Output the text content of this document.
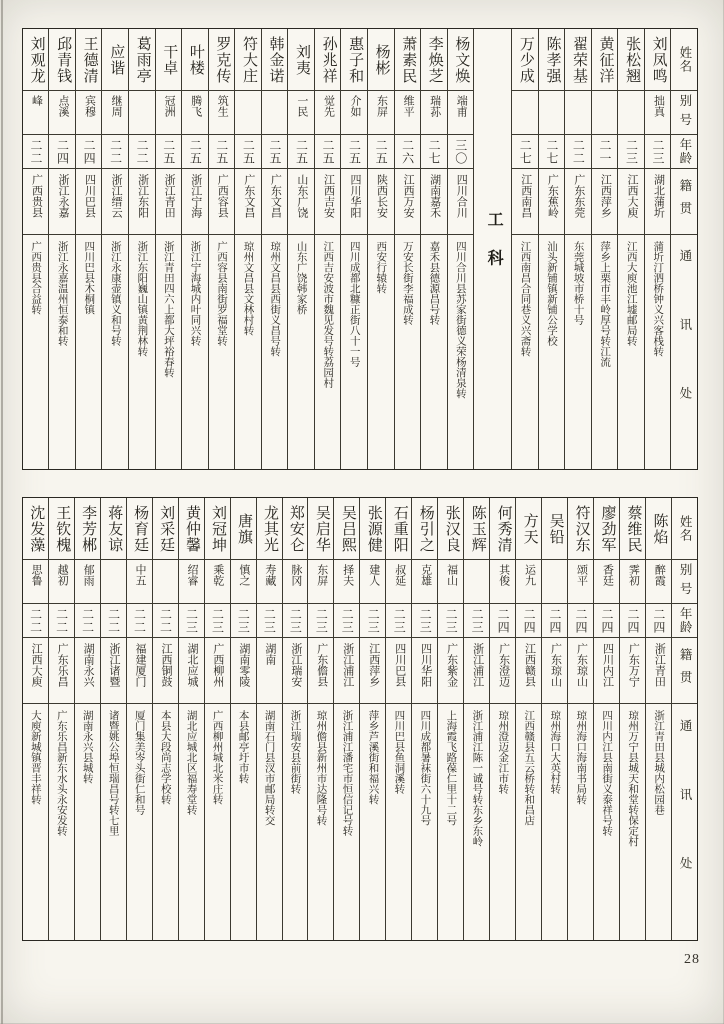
姓名
别号
年龄
籍贯
通讯处
刘凤鸣
拙真
二三
湖北蒲圻
蒲圻汀泗桥钟义兴客栈转
张松翘
二三
江西大庾
江西大庾池江墟邮局转
黄征洋
二一
江西萍乡
萍乡上栗市丰岭厚号转江流
翟荣基
二二
广东东莞
东莞城坡市桥十号
陈孝强
二七
广东蕉岭
汕头新铺镇新铺公学校
万少成
二七
江西南昌
江西南昌合同巷义兴斋转
工科
杨文焕
端甫
三〇
四川合川
四川合川县苏家街德义荣杨清泉转
李焕芝
瑞荪
二七
湖南嘉禾
嘉禾县德源昌号转
萧素民
维平
二六
江西万安
万安长街李福成转
杨彬
东屏
二五
陕西长安
西安行辕转
惠子和
介如
二五
四川华阳
四川成都北糠正街八十一号
孙兆祥
觉先
二五
江西吉安
江西吉安波市魏见发号转荔园村
刘夷
一民
二五
山东广饶
山东广饶韩家桥
韩金诺
二五
广东文昌
琼州文昌县西街义昌号转
符大庄
二五
广东文昌
琼州文昌县文林村转
罗克传
筑生
二五
广西容县
广西容县南街罗福堂转
叶楼
腾飞
二五
浙江宁海
浙江宁海城内叶同兴转
干卓
冠洲
二五
浙江青田
浙江青田四六上都大坪裕春转
葛雨亭
二二
浙江东阳
浙江东阳巍山镇黄荆林转
应谐
继周
二二
浙江缙云
浙江永康壶镇义和号转
王德清
宾穆
二四
四川巴县
四川巴县木桐镇
邱青钱
点溪
二四
浙江永嘉
浙江永嘉温州恒泰和转
刘观龙
峰
二二
广西贵县
广西贵县合益转
姓名
别号
年龄
籍贯
通讯处
陈焰
醉霞
二四
浙江青田
浙江青田县城内松园巷
蔡维民
霁初
二四
广东万宁
琼州万宁县城天和堂转保定村
廖劲军
香廷
二四
四川内江
四川内江县南街义泰祥号转
符汉东
颂平
二四
广东琼山
琼州海口海南书局转
吴铅
二四
广东琼山
琼州海口大英村转
方天
运九
二四
江西赣县
江西赣县五云桥转和昌店
何秀清
其俊
二四
广东澄迈
琼州澄迈金江市转
陈玉辉
二三
浙江浦江
浙江浦江陈一诚号转东乡东岭
张汉良
福山
二三
广东紫金
上海霞飞路葆仁里十二号
杨引之
克雄
二三
四川华阳
四川成都暑袜街六十九号
石重阳
叔延
二三
四川巴县
四川巴县鱼洞溪转
张源健
建人
二三
江西萍乡
萍乡芦溪街和福兴转
吴吕熙
择夫
二三
浙江浦江
浙江浦江潘宅市恒信记号转
吴启华
东屏
二三
广东儋县
琼州儋县新州市达隆号转
郑安仑
脉冈
二三
浙江瑞安
浙江瑞安县前街转
龙其光
寿藏
二三
湖南
湖南石门县汊市邮局转交
唐旗
慎之
二三
湖南零陵
本县邮亭圩市转
刘冠坤
乘乾
二三
广西柳州
广西柳州城北米庄转
黄仲馨
绍睿
二三
湖北应城
湖北应城北区福寿堂转
刘采廷
二二
江西铜鼓
本县大段尚志学校转
杨育廷
中五
二二
福建厦门
厦门集美岑头街仁和号
蒋友谅
二二
浙江诸暨
诸暨姚公埠恒瑞昌号转七里
李芳郴
郁雨
二二
湖南永兴
湖南永兴县城转
王钦槐
越初
二二
广东乐昌
广东乐昌新东水头永安发转
沈发藻
思鲁
二二
江西大庾
大庾新城镇晋丰祥转
28
